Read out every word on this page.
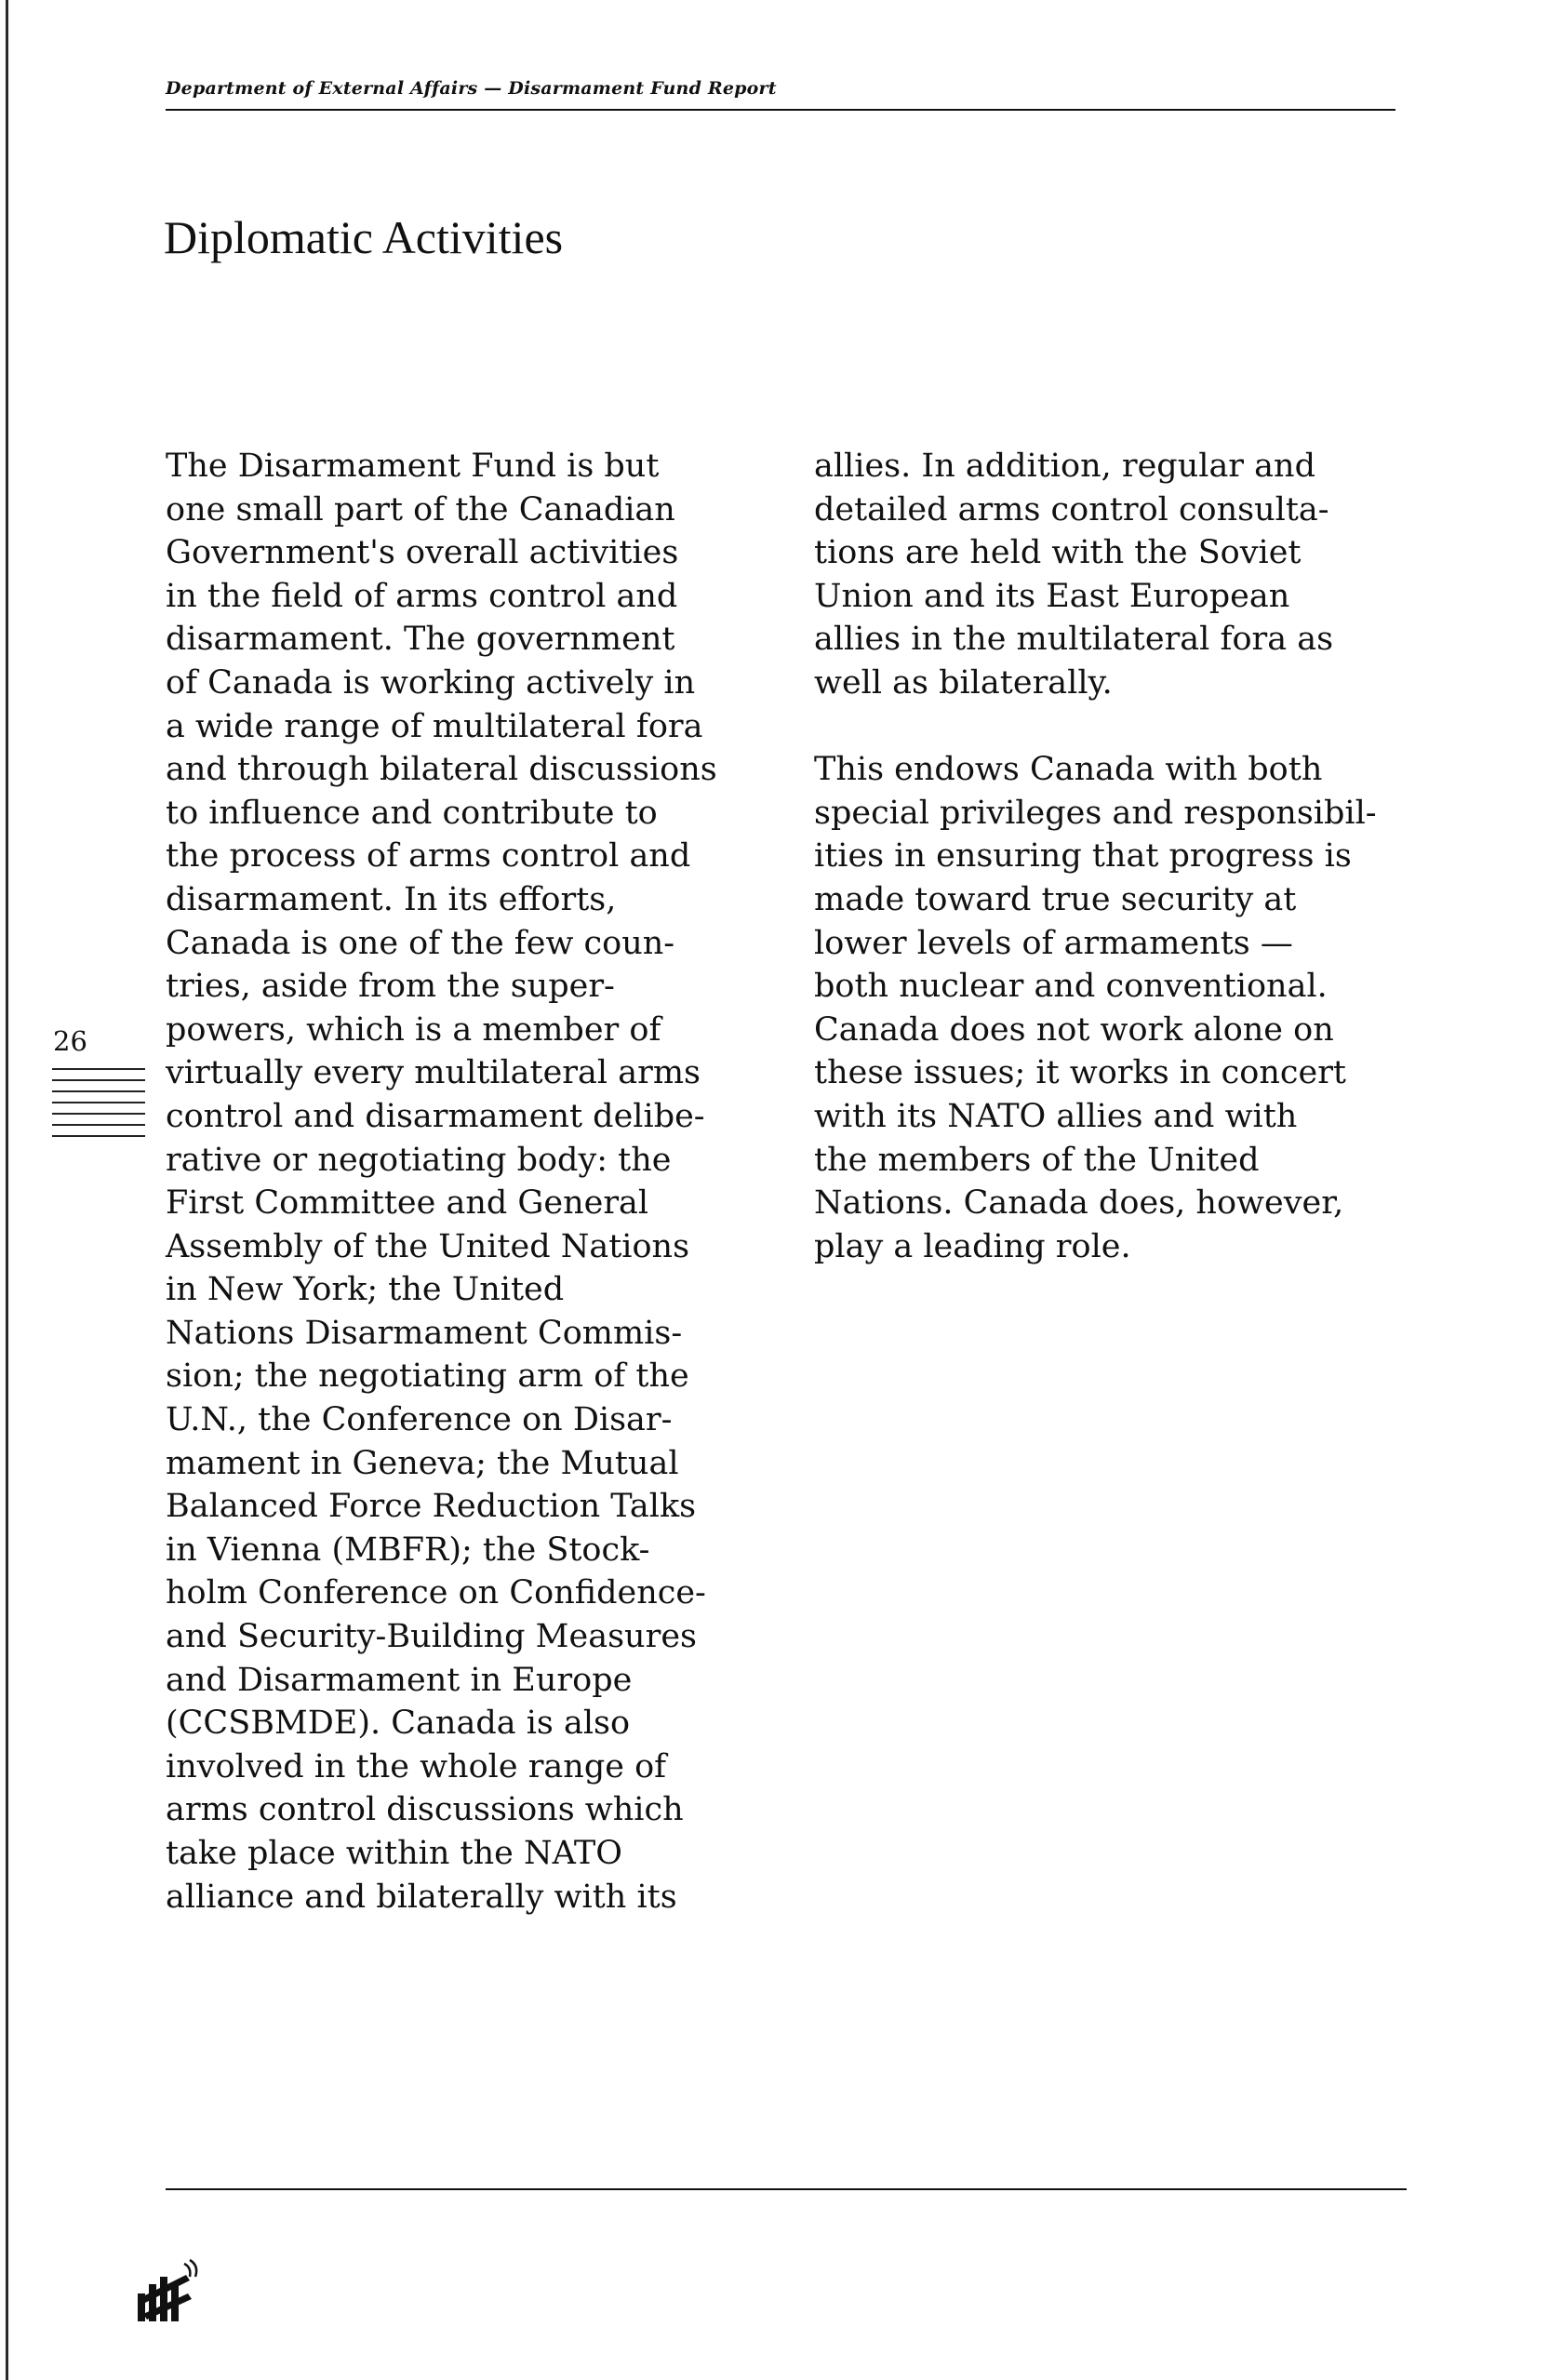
Department of External Affairs — Disarmament Fund Report
Diplomatic Activities
The Disarmament Fund is but
one small part of the Canadian
Government's overall activities
in the field of arms control and
disarmament. The government
of Canada is working actively in
a wide range of multilateral fora
and through bilateral discussions
to influence and contribute to
the process of arms control and
disarmament. In its efforts,
Canada is one of the few coun-
tries, aside from the super-
powers, which is a member of
virtually every multilateral arms
control and disarmament delibe-
rative or negotiating body: the
First Committee and General
Assembly of the United Nations
in New York; the United
Nations Disarmament Commis-
sion; the negotiating arm of the
U.N., the Conference on Disar-
mament in Geneva; the Mutual
Balanced Force Reduction Talks
in Vienna (MBFR); the Stock-
holm Conference on Confidence-
and Security-Building Measures
and Disarmament in Europe
(CCSBMDE). Canada is also
involved in the whole range of
arms control discussions which
take place within the NATO
alliance and bilaterally with its
allies. In addition, regular and
detailed arms control consulta-
tions are held with the Soviet
Union and its East European
allies in the multilateral fora as
well as bilaterally.
This endows Canada with both
special privileges and responsibil-
ities in ensuring that progress is
made toward true security at
lower levels of armaments —
both nuclear and conventional.
Canada does not work alone on
these issues; it works in concert
with its NATO allies and with
the members of the United
Nations. Canada does, however,
play a leading role.
26
